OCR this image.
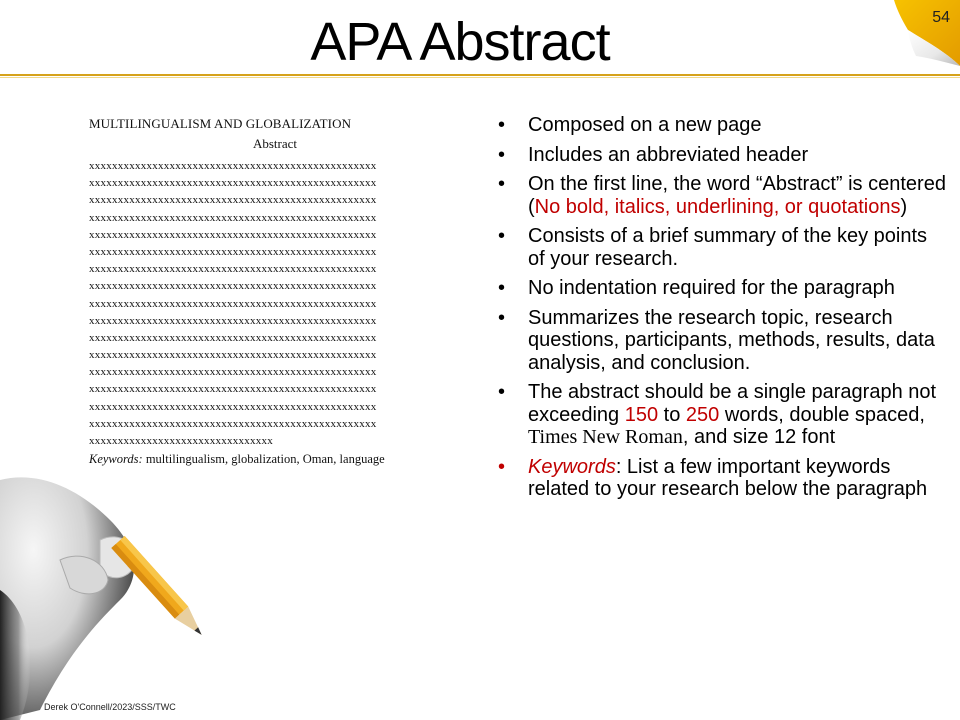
APA Abstract	54
MULTILINGUALISM AND GLOBALIZATION
Abstract
xxxxxxxxxxxxxxxxxxxxxxxxxxxxxxxxxxxxxxxxxxxxxxxxxx
xxxxxxxxxxxxxxxxxxxxxxxxxxxxxxxxxxxxxxxxxxxxxxxxxx
xxxxxxxxxxxxxxxxxxxxxxxxxxxxxxxxxxxxxxxxxxxxxxxxxx
xxxxxxxxxxxxxxxxxxxxxxxxxxxxxxxxxxxxxxxxxxxxxxxxxx
xxxxxxxxxxxxxxxxxxxxxxxxxxxxxxxxxxxxxxxxxxxxxxxxxx
xxxxxxxxxxxxxxxxxxxxxxxxxxxxxxxxxxxxxxxxxxxxxxxxxx
xxxxxxxxxxxxxxxxxxxxxxxxxxxxxxxxxxxxxxxxxxxxxxxxxx
xxxxxxxxxxxxxxxxxxxxxxxxxxxxxxxxxxxxxxxxxxxxxxxxxx
xxxxxxxxxxxxxxxxxxxxxxxxxxxxxxxxxxxxxxxxxxxxxxxxxx
xxxxxxxxxxxxxxxxxxxxxxxxxxxxxxxxxxxxxxxxxxxxxxxxxx
xxxxxxxxxxxxxxxxxxxxxxxxxxxxxxxxxxxxxxxxxxxxxxxxxx
xxxxxxxxxxxxxxxxxxxxxxxxxxxxxxxxxxxxxxxxxxxxxxxxxx
xxxxxxxxxxxxxxxxxxxxxxxxxxxxxxxxxxxxxxxxxxxxxxxxxx
xxxxxxxxxxxxxxxxxxxxxxxxxxxxxxxxxxxxxxxxxxxxxxxxxx
xxxxxxxxxxxxxxxxxxxxxxxxxxxxxxxxxxxxxxxxxxxxxxxxxx
xxxxxxxxxxxxxxxxxxxxxxxxxxxxxxxxxxxxxxxxxxxxxxxxxx
xxxxxxxxxxxxxxxxxxxxxxxxxxxxxxxx
Keywords: multilingualism, globalization, Oman, language
• Composed on a new page
• Includes an abbreviated header
• On the first line, the word “Abstract” is centered (No bold, italics, underlining, or quotations)
• Consists of a brief summary of the key points of your research.
• No indentation required for the paragraph
• Summarizes the research topic, research questions, participants, methods, results, data analysis, and conclusion.
• The abstract should be a single paragraph not exceeding 150 to 250 words, double spaced, Times New Roman, and size 12 font
• Keywords: List a few important keywords related to your research below the paragraph
Derek O'Connell/2023/SSS/TWC
